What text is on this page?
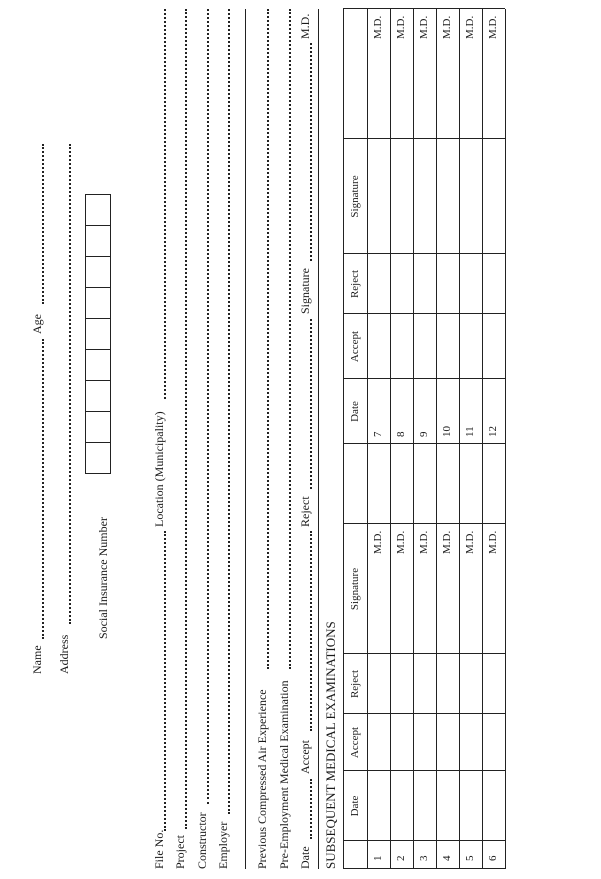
Name
Age
Address
Social Insurance Number
File No.
Location (Municipality)
Project Constructor Employer Previous Compressed Air Experience Pre-Employment Medical Examination Date
Accept
Reject
Signature
M.D.
SUBSEQUENT MEDICAL EXAMINATIONS Date
Accept
Reject
Signature
Date
Accept
Reject
Signature
1
M.D.
7
M.D.
2
M.D.
8
M.D.
3
M.D.
9
M.D.
4
M.D.
10
M.D.
5
M.D.
11
M.D.
6
M.D.
12
M.D.
